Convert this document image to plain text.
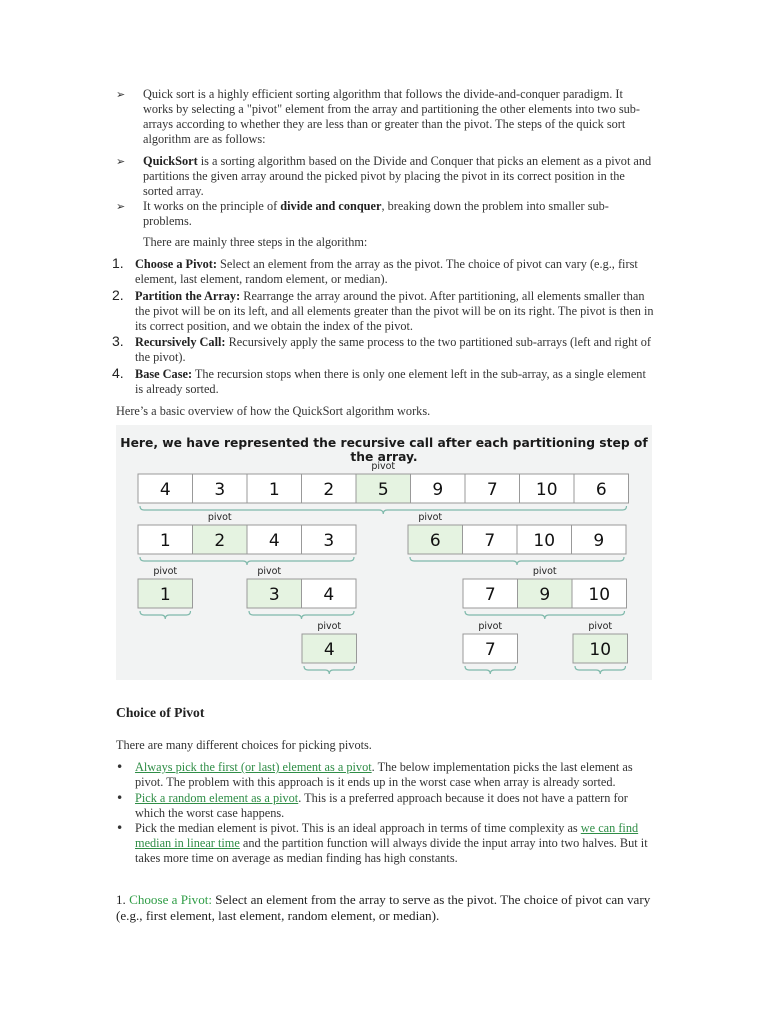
➢ Quick sort is a highly efficient sorting algorithm that follows the divide-and-conquer paradigm. It works by selecting a "pivot" element from the array and partitioning the other elements into two sub-arrays according to whether they are less than or greater than the pivot. The steps of the quick sort algorithm are as follows:
➢ QuickSort is a sorting algorithm based on the Divide and Conquer that picks an element as a pivot and partitions the given array around the picked pivot by placing the pivot in its correct position in the sorted array.
➢ It works on the principle of divide and conquer, breaking down the problem into smaller sub-problems.
There are mainly three steps in the algorithm:
1. Choose a Pivot: Select an element from the array as the pivot. The choice of pivot can vary (e.g., first element, last element, random element, or median).
2. Partition the Array: Rearrange the array around the pivot. After partitioning, all elements smaller than the pivot will be on its left, and all elements greater than the pivot will be on its right. The pivot is then in its correct position, and we obtain the index of the pivot.
3. Recursively Call: Recursively apply the same process to the two partitioned sub-arrays (left and right of the pivot).
4. Base Case: The recursion stops when there is only one element left in the sub-array, as a single element is already sorted.
Here’s a basic overview of how the QuickSort algorithm works.
Here, we have represented the recursive call after each partitioning step of the array.
4	3	1	2	5
pivot
9	7 10 6
1	2
pivot
4	3	6
pivot
7 10 9
1
pivot
3
pivot
4	7	9
pivot
10
4
pivot
7	10
pivot
pivot
Choice of Pivot
There are many different choices for picking pivots.
• Always pick the first (or last) element as a pivot. The below implementation picks the last element as pivot. The problem with this approach is it ends up in the worst case when array is already sorted.
• Pick a random element as a pivot. This is a preferred approach because it does not have a pattern for which the worst case happens.
• Pick the median element is pivot. This is an ideal approach in terms of time complexity as we can find median in linear time and the partition function will always divide the input array into two halves. But it takes more time on average as median finding has high constants.
1. Choose a Pivot: Select an element from the array to serve as the pivot. The choice of pivot can vary (e.g., first element, last element, random element, or median).
